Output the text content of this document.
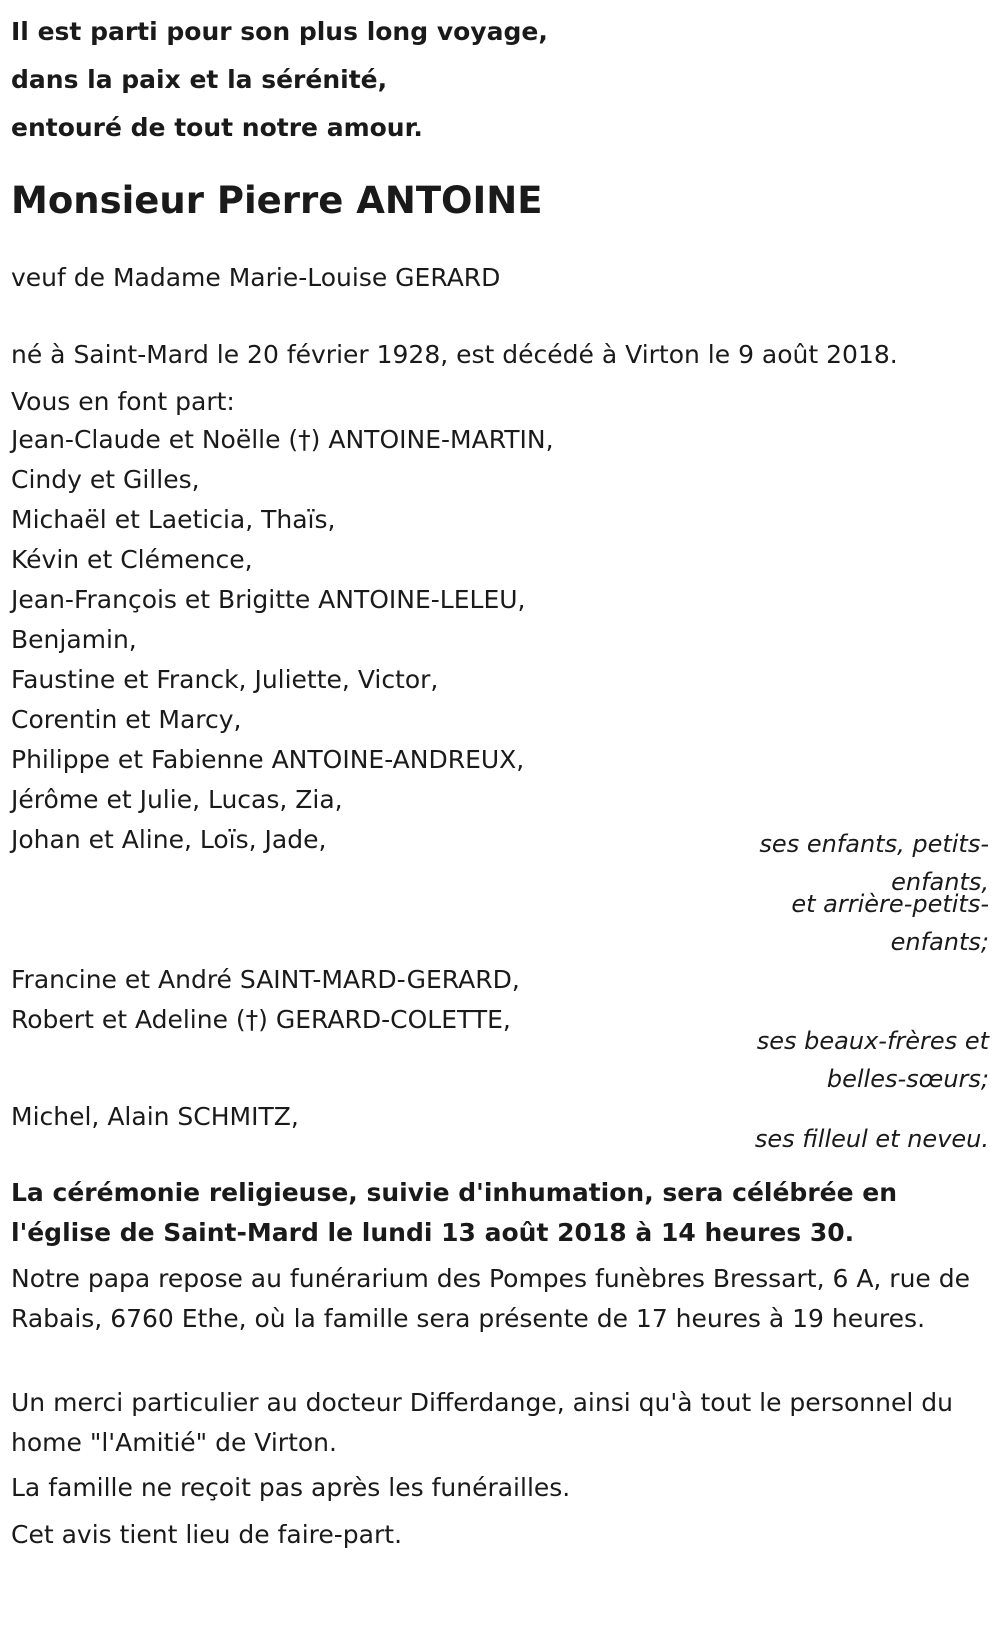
Il est parti pour son plus long voyage,
dans la paix et la sérénité,
entouré de tout notre amour.
Monsieur Pierre ANTOINE

veuf de Madame Marie-Louise GERARD

né à Saint-Mard le 20 février 1928, est décédé à Virton le 9 août 2018.

Vous en font part:

Jean-Claude et Noëlle (†) ANTOINE-MARTIN,
Cindy et Gilles,
Michaël et Laeticia, Thaïs,
Kévin et Clémence,
Jean-François et Brigitte ANTOINE-LELEU,
Benjamin,
Faustine et Franck, Juliette, Victor,
Corentin et Marcy,
Philippe et Fabienne ANTOINE-ANDREUX,
Jérôme et Julie, Lucas, Zia,
Johan et Aline, Loïs, Jade,	ses enfants, petits-
enfants,
et arrière-petits-
enfants;
Francine et André SAINT-MARD-GERARD,
Robert et Adeline (†) GERARD-COLETTE,
ses beaux-frères et
belles-sœurs;

Michel, Alain SCHMITZ,

ses filleul et neveu.

La cérémonie religieuse, suivie d'inhumation, sera célébrée en l'église de Saint-Mard le lundi 13 août 2018 à 14 heures 30.

Notre papa repose au funérarium des Pompes funèbres Bressart, 6 A, rue de Rabais, 6760 Ethe, où la famille sera présente de 17 heures à 19 heures.

Un merci particulier au docteur Differdange, ainsi qu'à tout le personnel du home "l'Amitié" de Virton.

La famille ne reçoit pas après les funérailles.

Cet avis tient lieu de faire-part.
